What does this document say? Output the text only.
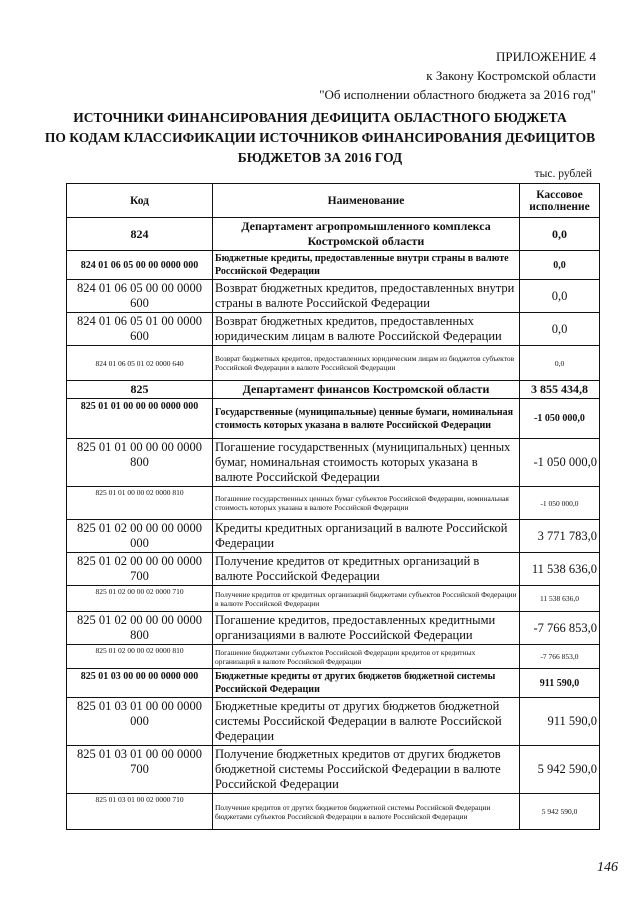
ПРИЛОЖЕНИЕ 4
к Закону Костромской области
"Об исполнении областного бюджета за 2016 год"
ИСТОЧНИКИ ФИНАНСИРОВАНИЯ ДЕФИЦИТА ОБЛАСТНОГО БЮДЖЕТА
ПО КОДАМ КЛАССИФИКАЦИИ ИСТОЧНИКОВ ФИНАНСИРОВАНИЯ ДЕФИЦИТОВ
БЮДЖЕТОВ ЗА 2016 ГОД
тыс. рублей
Код	Наименование	Кассовое исполнение
824	Департамент агропромышленного комплекса Костромской области	0,0
824 01 06 05 00 00 0000 000	Бюджетные кредиты, предоставленные внутри страны в валюте Российской Федерации	0,0
824 01 06 05 00 00 0000 600	Возврат бюджетных кредитов, предоставленных внутри страны в валюте Российской Федерации	0,0
824 01 06 05 01 00 0000 600	Возврат бюджетных кредитов, предоставленных юридическим лицам в валюте Российской Федерации	0,0
824 01 06 05 01 02 0000 640	Возврат бюджетных кредитов, предоставленных юридическим лицам из бюджетов субъектов Российской Федерации в валюте Российской Федерации	0,0
825	Департамент финансов Костромской области	3 855 434,8
825 01 01 00 00 00 0000 000	Государственные (муниципальные) ценные бумаги, номинальная стоимость которых указана в валюте Российской Федерации	-1 050 000,0
825 01 01 00 00 00 0000 800	Погашение государственных (муниципальных) ценных бумаг, номинальная стоимость которых указана в валюте Российской Федерации	-1 050 000,0
825 01 01 00 00 02 0000 810	Погашение государственных ценных бумаг субъектов Российской Федерации, номинальная стоимость которых указана в валюте Российской Федерации	-1 050 000,0
825 01 02 00 00 00 0000 000	Кредиты кредитных организаций в валюте Российской Федерации	3 771 783,0
825 01 02 00 00 00 0000 700	Получение кредитов от кредитных организаций в валюте Российской Федерации	11 538 636,0
825 01 02 00 00 02 0000 710	Получение кредитов от кредитных организаций бюджетами субъектов Российской Федерации в валюте Российской Федерации	11 538 636,0
825 01 02 00 00 00 0000 800	Погашение кредитов, предоставленных кредитными организациями в валюте Российской Федерации	-7 766 853,0
825 01 02 00 00 02 0000 810	Погашение бюджетами субъектов Российской Федерации кредитов от кредитных организаций в валюте Российской Федерации	-7 766 853,0
825 01 03 00 00 00 0000 000	Бюджетные кредиты от других бюджетов бюджетной системы Российской Федерации	911 590,0
825 01 03 01 00 00 0000 000	Бюджетные кредиты от других бюджетов бюджетной системы Российской Федерации в валюте Российской Федерации	911 590,0
825 01 03 01 00 00 0000 700	Получение бюджетных кредитов от других бюджетов бюджетной системы Российской Федерации в валюте Российской Федерации	5 942 590,0
825 01 03 01 00 02 0000 710	Получение кредитов от других бюджетов бюджетной системы Российской Федерации бюджетами субъектов Российской Федерации в валюте Российской Федерации	5 942 590,0
146
